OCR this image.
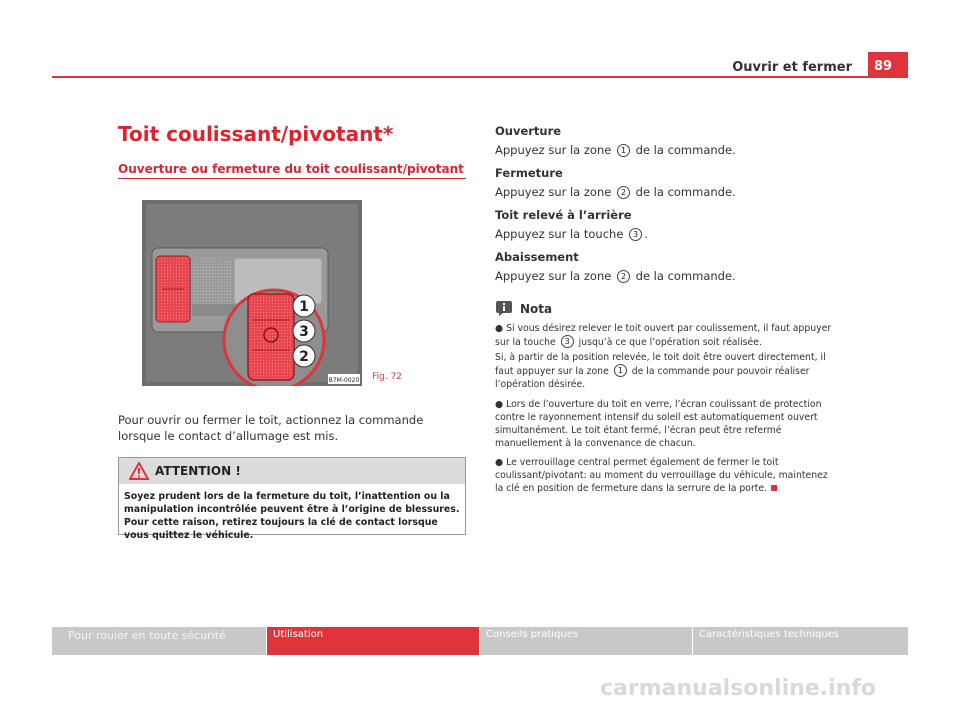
Ouvrir et fermer	89
Toit coulissant/pivotant*
Ouverture ou fermeture du toit coulissant/pivotant
1
3
2
B7M-0020 Fig. 72
Pour ouvrir ou fermer le toit, actionnez la commande lorsque le contact d’allumage est mis.
ATTENTION !
Soyez prudent lors de la fermeture du toit, l’inattention ou la manipulation incontrôlée peuvent être à l’origine de blessures. Pour cette raison, retirez toujours la clé de contact lorsque vous quittez le véhicule.
Ouverture
Appuyez sur la zone 1 de la commande.
Fermeture
Appuyez sur la zone 2 de la commande.
Toit relevé à l’arrière
Appuyez sur la touche 3 .
Abaissement
Appuyez sur la zone 2 de la commande.
Nota
● Si vous désirez relever le toit ouvert par coulissement, il faut appuyer sur la touche 3 jusqu’à ce que l’opération soit réalisée.
Si, à partir de la position relevée, le toit doit être ouvert directement, il faut appuyer sur la zone 1 de la commande pour pouvoir réaliser l’opération désirée.
● Lors de l’ouverture du toit en verre, l’écran coulissant de protection contre le rayonnement intensif du soleil est automatiquement ouvert simultanément. Le toit étant fermé, l’écran peut être refermé manuellement à la convenance de chacun.
● Le verrouillage central permet également de fermer le toit coulissant/pivotant: au moment du verrouillage du véhicule, maintenez la clé en position de fermeture dans la serrure de la porte.
Pour rouler en toute sécurité	Utilisation	Conseils pratiques	Caractéristiques techniques
carmanualsonline.info
